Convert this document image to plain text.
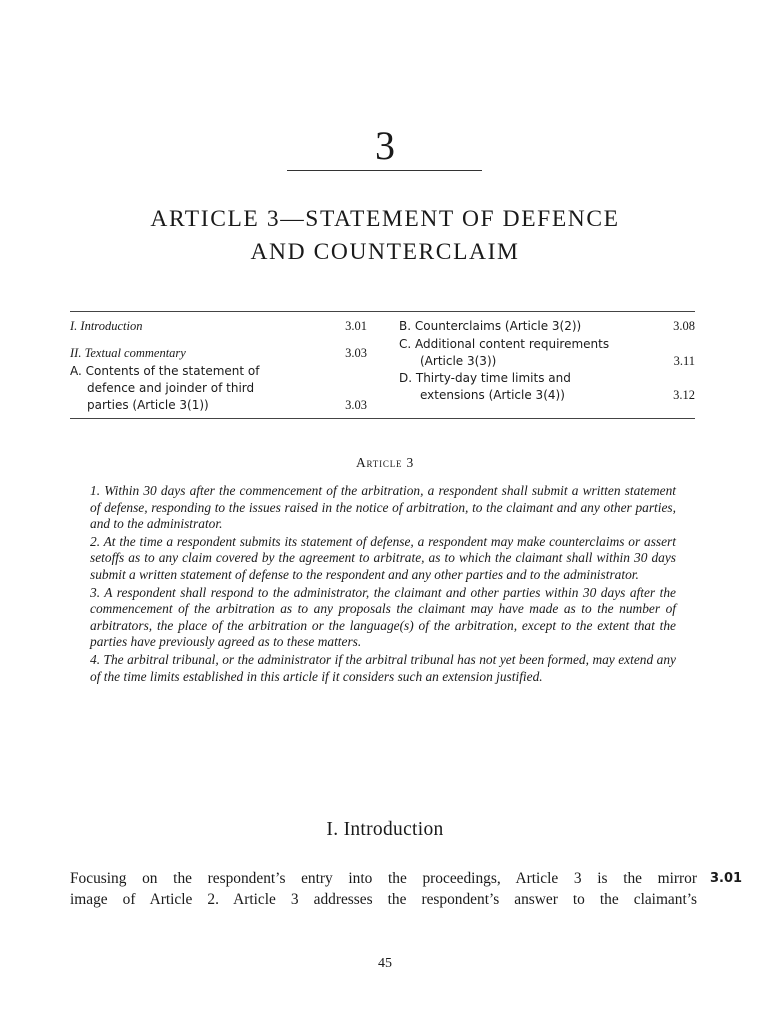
3
ARTICLE 3—STATEMENT OF DEFENCE
AND COUNTERCLAIM
I. Introduction	3.01
II. Textual commentary	3.03
A. Contents of the statement of
defence and joinder of third
parties (Article 3(1))	3.03
B. Counterclaims (Article 3(2))	3.08
C. Additional content requirements
(Article 3(3))	3.11
D. Thirty-day time limits and
extensions (Article 3(4))	3.12
Article 3

1. Within 30 days after the commencement of the arbitration, a respondent shall submit a written statement of defense, responding to the issues raised in the notice of arbitration, to the claimant and any other parties, and to the administrator.

2. At the time a respondent submits its statement of defense, a respondent may make counterclaims or assert setoffs as to any claim covered by the agreement to arbitrate, as to which the claimant shall within 30 days submit a written statement of defense to the respondent and any other parties and to the administrator.

3. A respondent shall respond to the administrator, the claimant and other parties within 30 days after the commencement of the arbitration as to any proposals the claimant may have made as to the number of arbitrators, the place of the arbitration or the language(s) of the arbitration, except to the extent that the parties have previously agreed as to these matters.

4. The arbitral tribunal, or the administrator if the arbitral tribunal has not yet been formed, may extend any of the time limits established in this article if it considers such an extension justified.

I. Introduction
Focusing on the respondent’s entry into the proceedings, Article 3 is the mirror
image of Article 2. Article 3 addresses the respondent’s answer to the claimant’s
3.01
45
